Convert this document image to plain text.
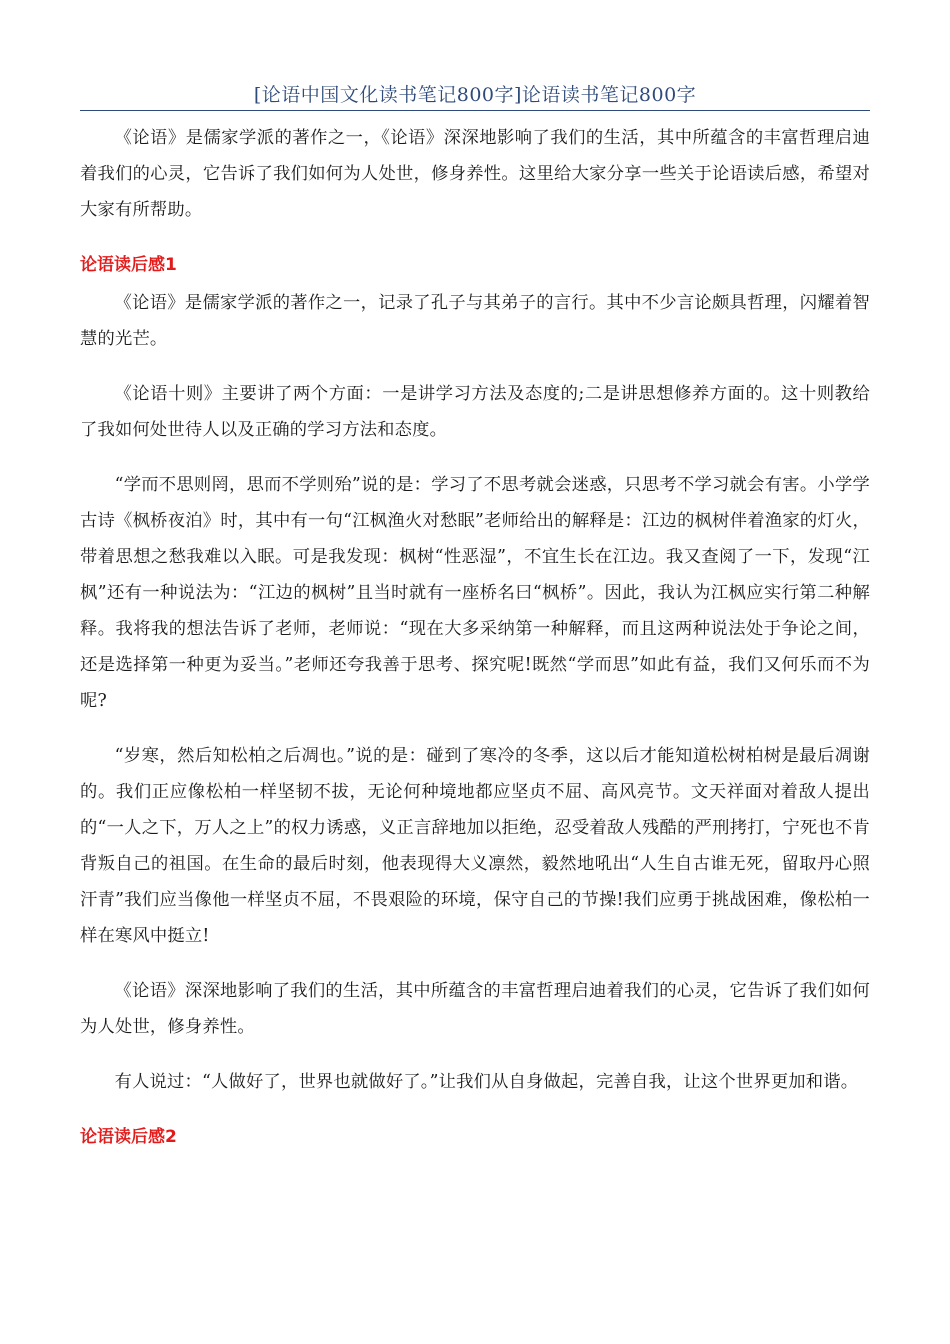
[论语中国文化读书笔记800字]论语读书笔记800字

《论语》是儒家学派的著作之一，《论语》深深地影响了我们的生活，其中所蕴含的丰富哲理启迪着我们的心灵，它告诉了我们如何为人处世，修身养性。这里给大家分享一些关于论语读后感，希望对大家有所帮助。

论语读后感1

《论语》是儒家学派的著作之一，记录了孔子与其弟子的言行。其中不少言论颇具哲理，闪耀着智慧的光芒。

《论语十则》主要讲了两个方面：一是讲学习方法及态度的;二是讲思想修养方面的。这十则教给了我如何处世待人以及正确的学习方法和态度。

“学而不思则罔，思而不学则殆”说的是：学习了不思考就会迷惑，只思考不学习就会有害。小学学古诗《枫桥夜泊》时，其中有一句“江枫渔火对愁眠”老师给出的解释是：江边的枫树伴着渔家的灯火，带着思想之愁我难以入眠。可是我发现：枫树“性恶湿”，不宜生长在江边。我又查阅了一下，发现“江枫”还有一种说法为：“江边的枫树”且当时就有一座桥名曰“枫桥”。因此，我认为江枫应实行第二种解释。我将我的想法告诉了老师，老师说：“现在大多采纳第一种解释，而且这两种说法处于争论之间，还是选择第一种更为妥当。”老师还夸我善于思考、探究呢!既然“学而思”如此有益，我们又何乐而不为呢?

“岁寒，然后知松柏之后凋也。”说的是：碰到了寒冷的冬季，这以后才能知道松树柏树是最后凋谢的。我们正应像松柏一样坚韧不拔，无论何种境地都应坚贞不屈、高风亮节。文天祥面对着敌人提出的“一人之下，万人之上”的权力诱惑，义正言辞地加以拒绝，忍受着敌人残酷的严刑拷打，宁死也不肯背叛自己的祖国。在生命的最后时刻，他表现得大义凛然，毅然地吼出“人生自古谁无死，留取丹心照汗青”我们应当像他一样坚贞不屈，不畏艰险的环境，保守自己的节操!我们应勇于挑战困难，像松柏一样在寒风中挺立!

《论语》深深地影响了我们的生活，其中所蕴含的丰富哲理启迪着我们的心灵，它告诉了我们如何为人处世，修身养性。

有人说过：“人做好了，世界也就做好了。”让我们从自身做起，完善自我，让这个世界更加和谐。

论语读后感2
